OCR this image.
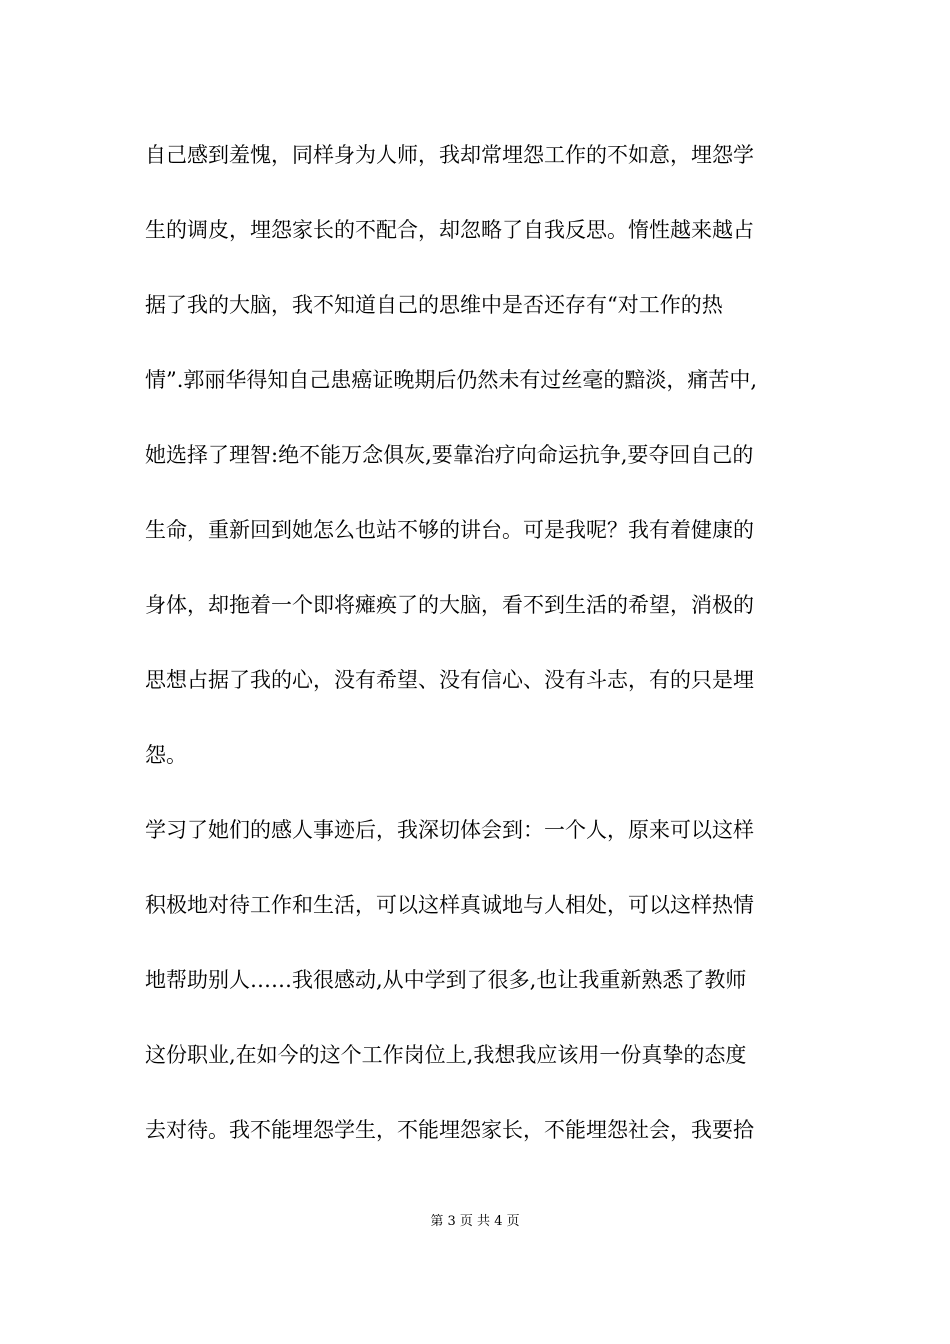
自己感到羞愧，同样身为人师，我却常埋怨工作的不如意，埋怨学
生的调皮，埋怨家长的不配合，却忽略了自我反思。惰性越来越占
据了我的大脑，我不知道自己的思维中是否还存有“对工作的热
情”.郭丽华得知自己患癌证晚期后仍然未有过丝毫的黯淡，痛苦中,
她选择了理智:绝不能万念俱灰,要靠治疗向命运抗争,要夺回自己的
生命，重新回到她怎么也站不够的讲台。可是我呢？我有着健康的
身体，却拖着一个即将瘫痪了的大脑，看不到生活的希望，消极的
思想占据了我的心，没有希望、没有信心、没有斗志，有的只是埋
怨。
学习了她们的感人事迹后，我深切体会到：一个人，原来可以这样
积极地对待工作和生活，可以这样真诚地与人相处，可以这样热情
地帮助别人……我很感动,从中学到了很多,也让我重新熟悉了教师
这份职业,在如今的这个工作岗位上,我想我应该用一份真挚的态度
去对待。我不能埋怨学生，不能埋怨家长，不能埋怨社会，我要拾
第 3 页 共 4 页
